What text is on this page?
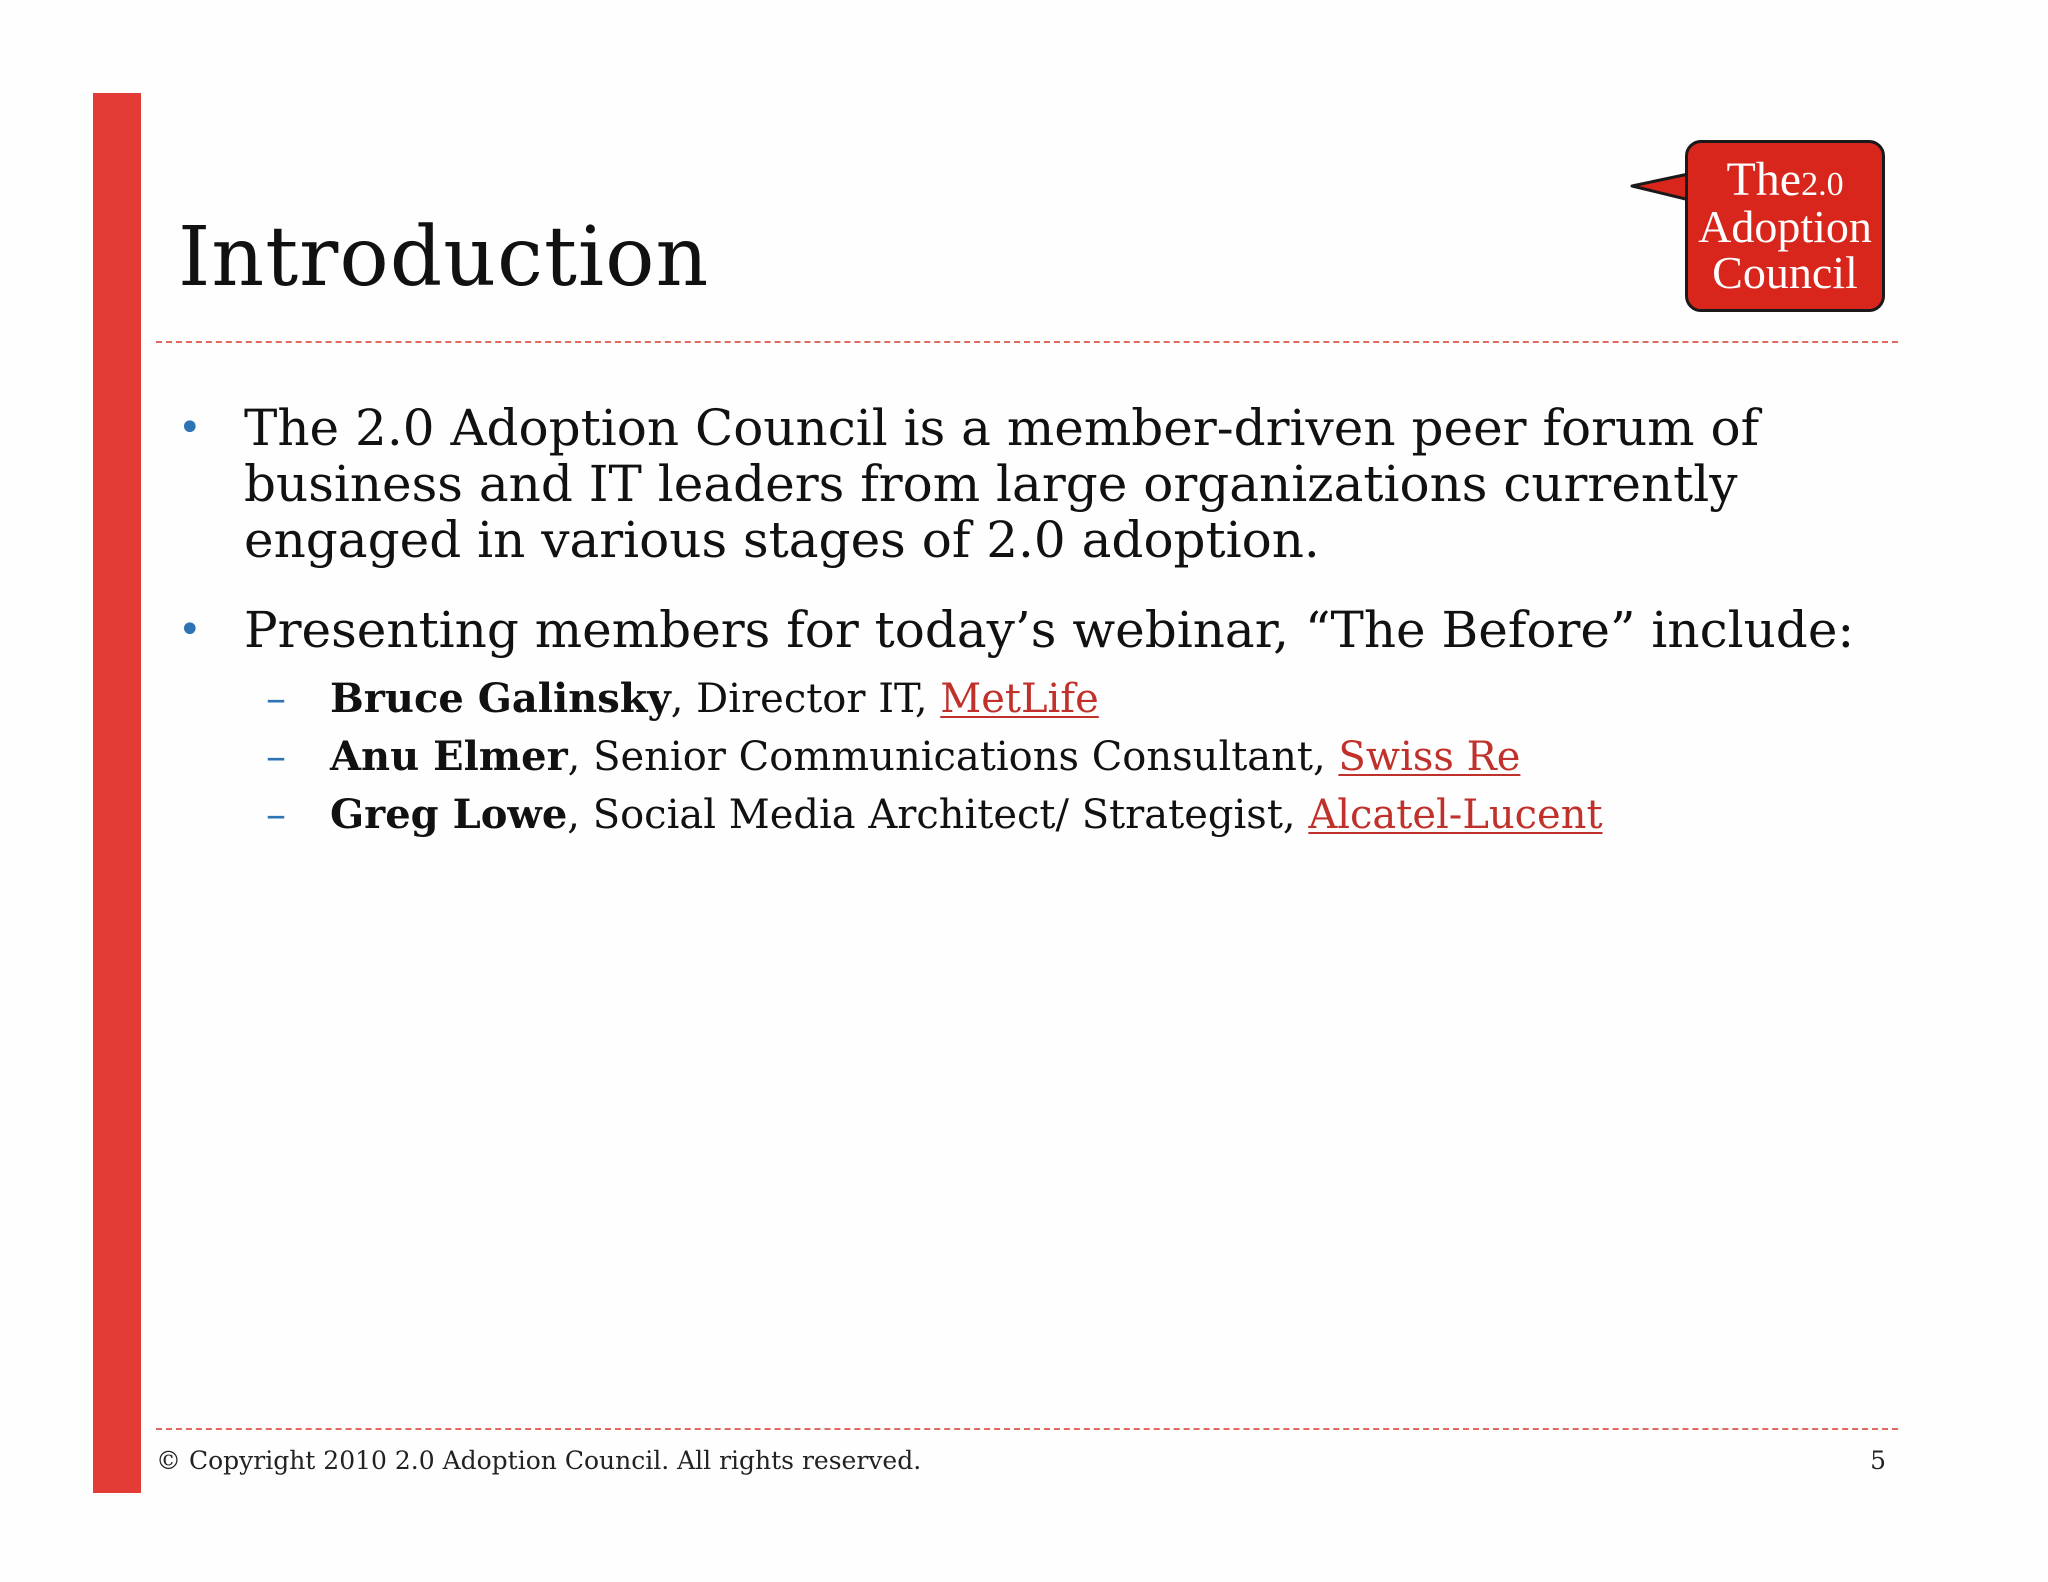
Introduction
The2.0
Adoption
Council
• The 2.0 Adoption Council is a member-driven peer forum of business and IT leaders from large organizations currently engaged in various stages of 2.0 adoption.
• Presenting members for today’s webinar, “The Before” include:
– Bruce Galinsky, Director IT, MetLife
– Anu Elmer, Senior Communications Consultant, Swiss Re
– Greg Lowe, Social Media Architect/ Strategist, Alcatel-Lucent
© Copyright 2010 2.0 Adoption Council. All rights reserved.	5
